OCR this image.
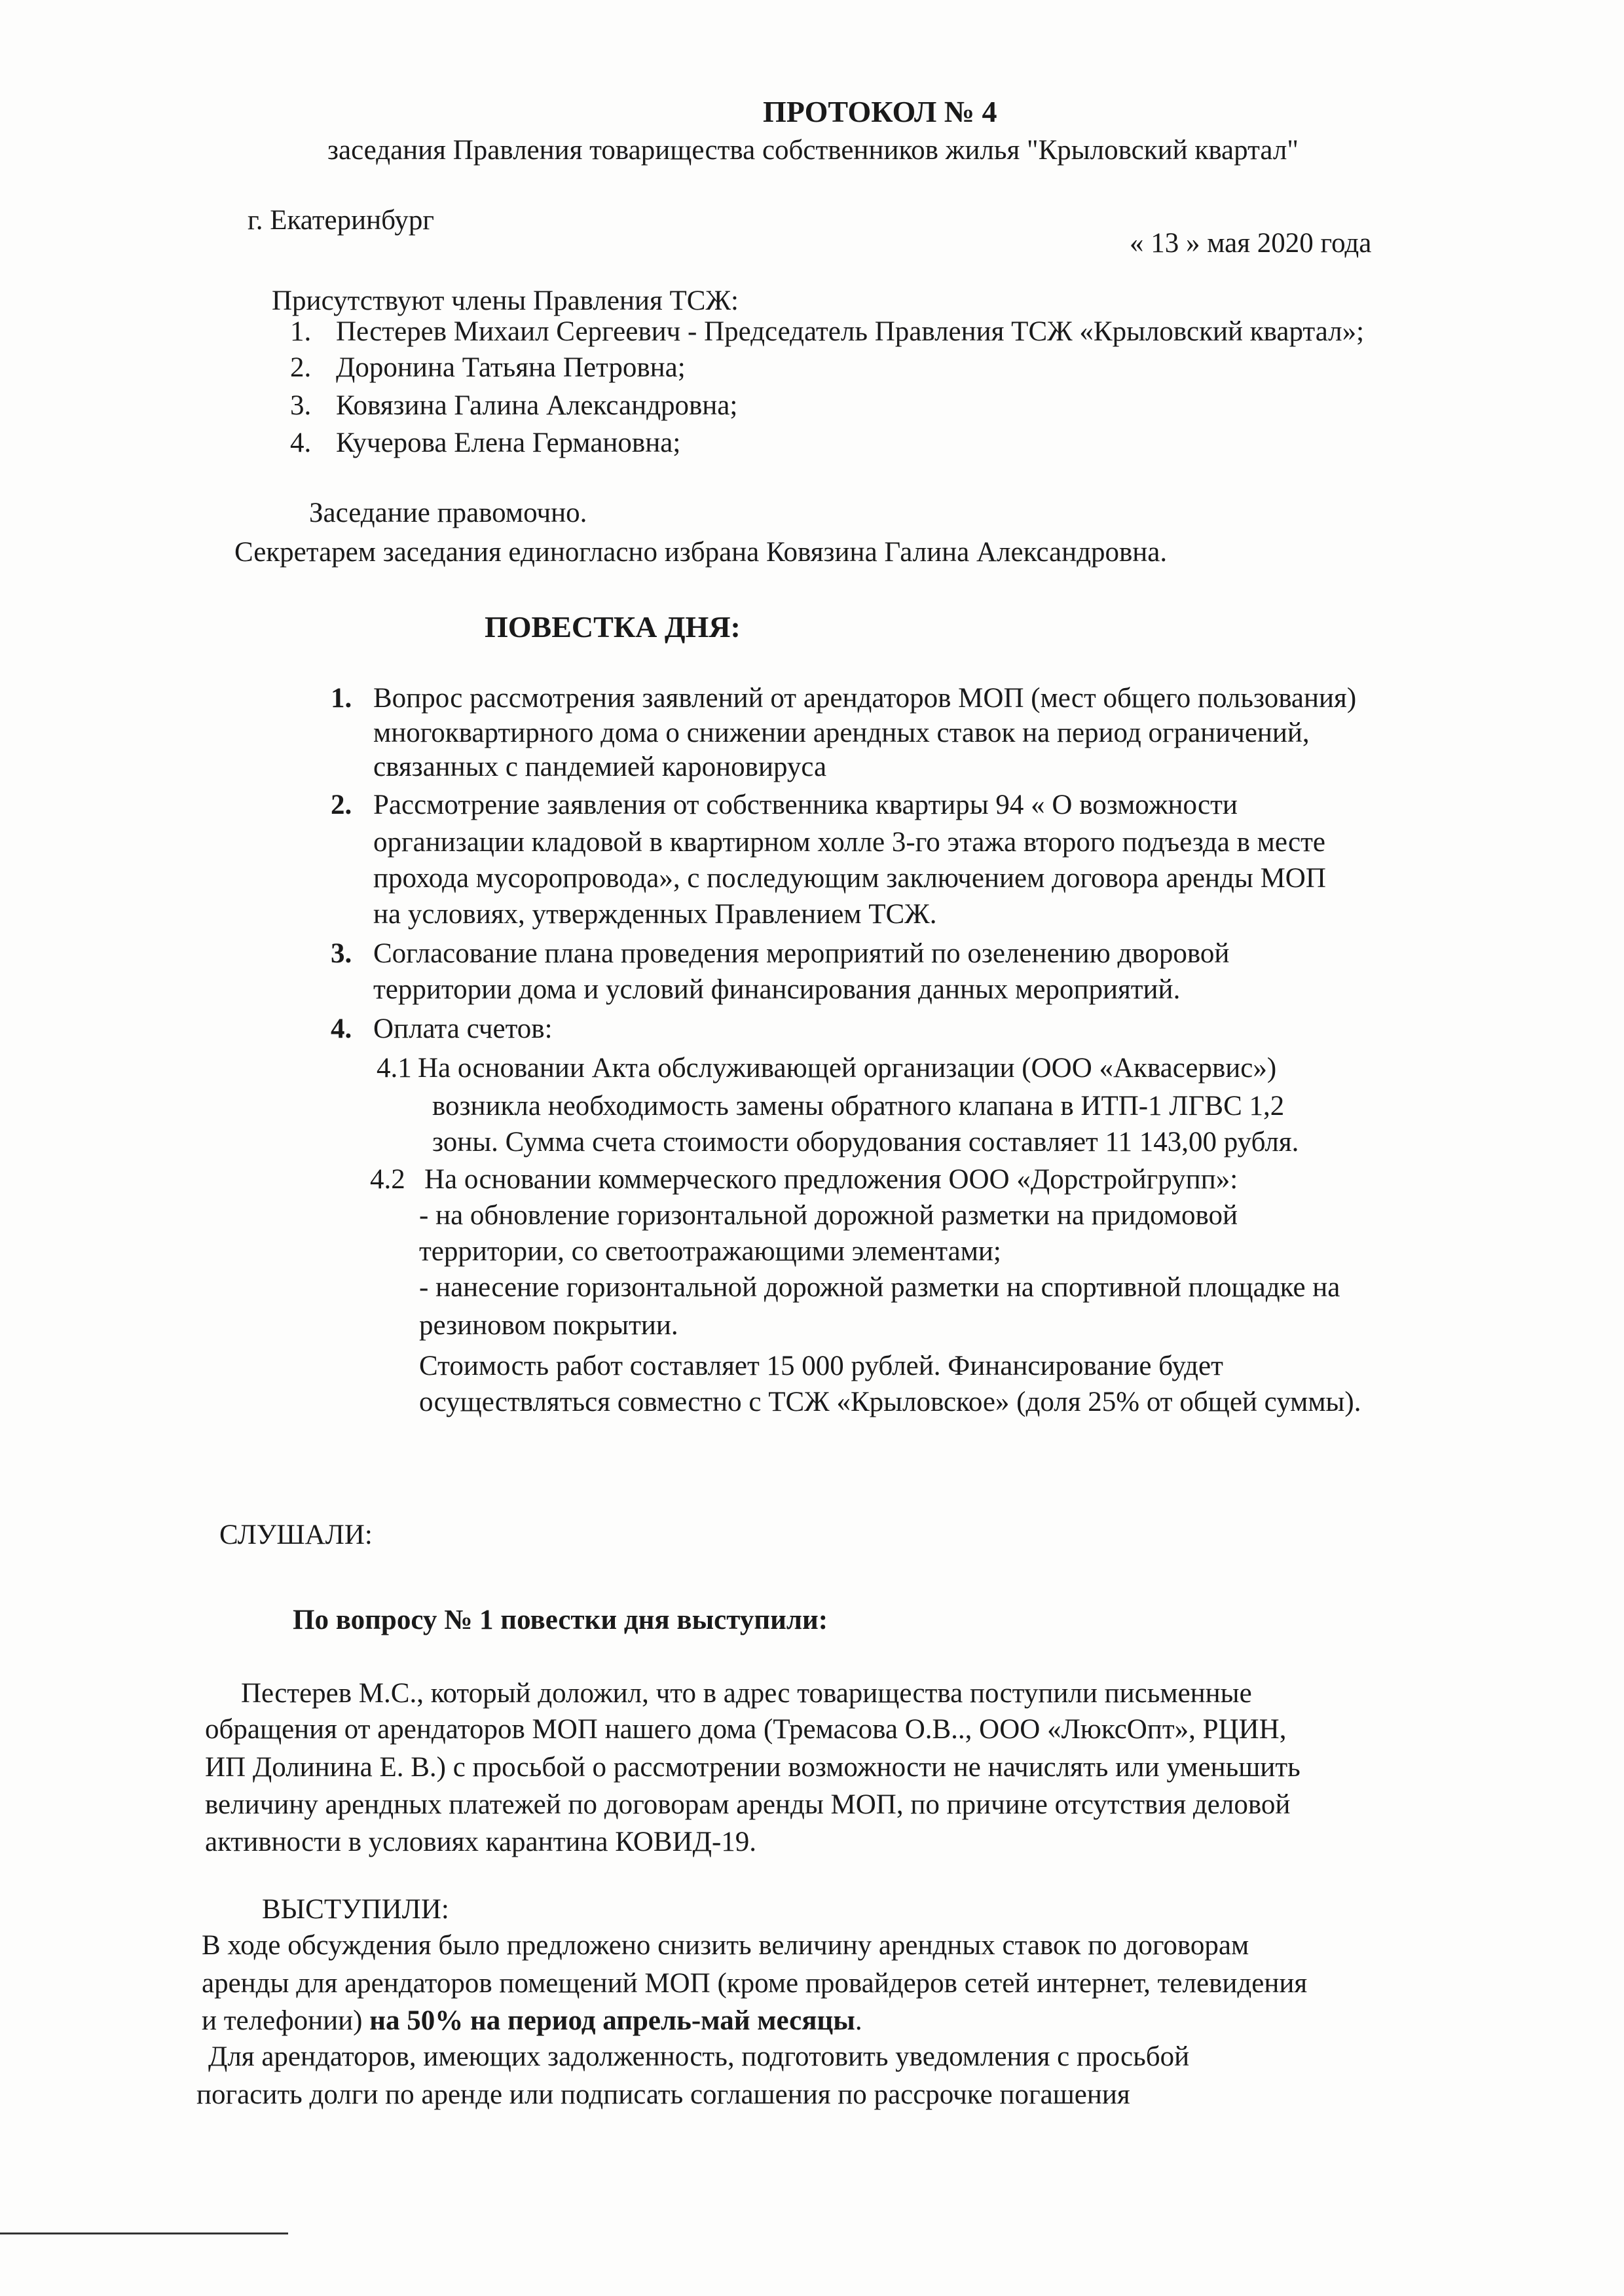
ПРОТОКОЛ № 4
заседания Правления товарищества собственников жилья "Крыловский квартал"
г. Екатеринбург
« 13 » мая 2020 года
Присутствуют члены Правления ТСЖ:
1. Пестерев Михаил Сергеевич - Председатель Правления ТСЖ «Крыловский квартал»;
2. Доронина Татьяна Петровна;
3. Ковязина Галина Александровна;
4. Кучерова Елена Германовна;
Заседание правомочно.
Секретарем заседания единогласно избрана Ковязина Галина Александровна.
ПОВЕСТКА ДНЯ:
1. Вопрос рассмотрения заявлений от арендаторов МОП (мест общего пользования)
многоквартирного дома о снижении арендных ставок на период ограничений,
связанных с пандемией кароновируса
2. Рассмотрение заявления от собственника квартиры 94 « О возможности
организации кладовой в квартирном холле 3-го этажа второго подъезда в месте
прохода мусоропровода», с последующим заключением договора аренды МОП
на условиях, утвержденных Правлением ТСЖ.
3. Согласование плана проведения мероприятий по озеленению дворовой
территории дома и условий финансирования данных мероприятий.
4. Оплата счетов:
4.1 На основании Акта обслуживающей организации (ООО «Аквасервис»)
возникла необходимость замены обратного клапана в ИТП-1 ЛГВС 1,2
зоны. Сумма счета стоимости оборудования составляет 11 143,00 рубля.
4.2 На основании коммерческого предложения ООО «Дорстройгрупп»:
- на обновление горизонтальной дорожной разметки на придомовой
территории, со светоотражающими элементами;
- нанесение горизонтальной дорожной разметки на спортивной площадке на
резиновом покрытии.
Стоимость работ составляет 15 000 рублей. Финансирование будет
осуществляться совместно с ТСЖ «Крыловское» (доля 25% от общей суммы).
СЛУШАЛИ:
По вопросу № 1 повестки дня выступили:
Пестерев М.С., который доложил, что в адрес товарищества поступили письменные
обращения от арендаторов МОП нашего дома (Тремасова О.В.., ООО «ЛюксОпт», РЦИН,
ИП Долинина Е. В.) с просьбой о рассмотрении возможности не начислять или уменьшить
величину арендных платежей по договорам аренды МОП, по причине отсутствия деловой
активности в условиях карантина КОВИД-19.
ВЫСТУПИЛИ:
В ходе обсуждения было предложено снизить величину арендных ставок по договорам
аренды для арендаторов помещений МОП (кроме провайдеров сетей интернет, телевидения
и телефонии) на 50% на период апрель-май месяцы.
Для арендаторов, имеющих задолженность, подготовить уведомления с просьбой
погасить долги по аренде или подписать соглашения по рассрочке погашения
